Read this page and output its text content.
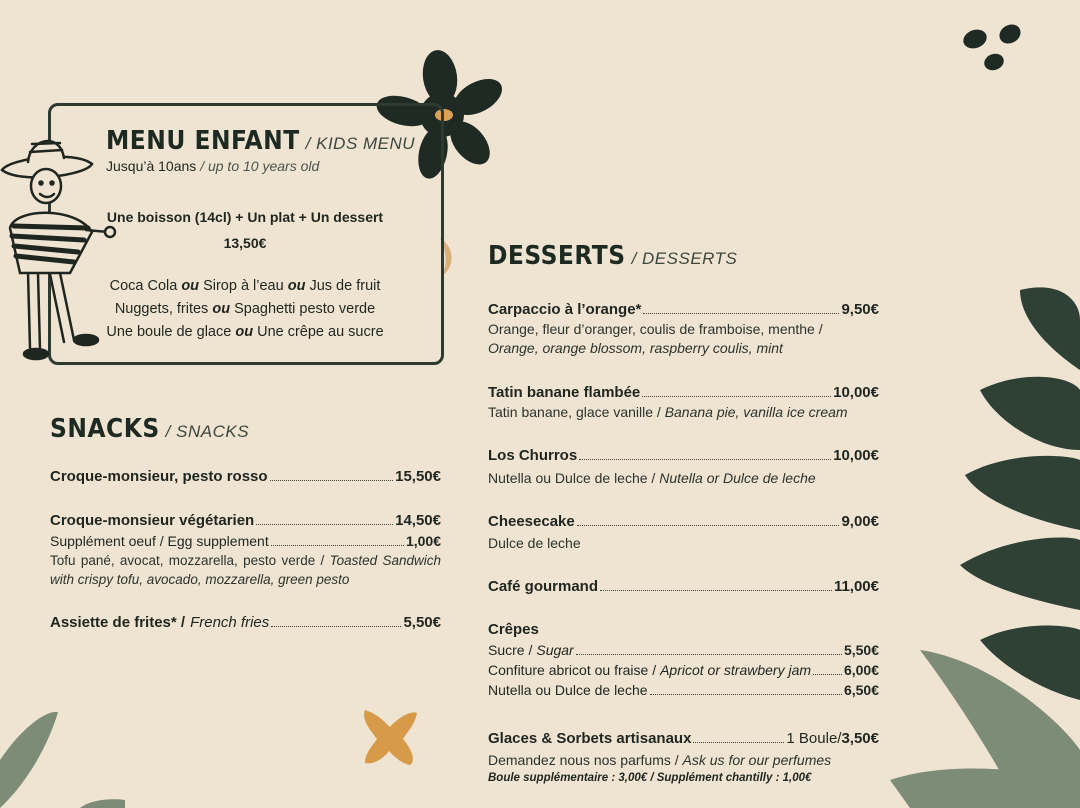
MENU ENFANT / KIDS MENU
Jusqu’à 10ans / up to 10 years old
Une boisson (14cl) + Un plat + Un dessert
13,50€
Coca Cola ou Sirop à l’eau ou Jus de fruit
Nuggets, frites ou Spaghetti pesto verde
Une boule de glace ou Une crêpe au sucre
SNACKS / SNACKS
Croque-monsieur, pesto rosso	15,50€
Croque-monsieur végétarien	14,50€
Supplément oeuf / Egg supplement	1,00€
Tofu pané, avocat, mozzarella, pesto verde / Toasted Sandwich with crispy tofu, avocado, mozzarella, green pesto
Assiette de frites* / French fries	5,50€
DESSERTS / DESSERTS
Carpaccio à l’orange*	9,50€
Orange, fleur d’oranger, coulis de framboise, menthe /
Orange, orange blossom, raspberry coulis, mint
Tatin banane flambée	10,00€
Tatin banane, glace vanille / Banana pie, vanilla ice cream
Los Churros	10,00€
Nutella ou Dulce de leche / Nutella or Dulce de leche
Cheesecake	9,00€
Dulce de leche
Café gourmand	11,00€
Crêpes
Sucre / Sugar	5,50€
Confiture abricot ou fraise / Apricot or strawbery jam 6,00€
Nutella ou Dulce de leche	6,50€
Glaces & Sorbets artisanaux	1 Boule/ 3,50€
Demandez nous nos parfums / Ask us for our perfumes
Boule supplémentaire : 3,00€ / Supplément chantilly : 1,00€
